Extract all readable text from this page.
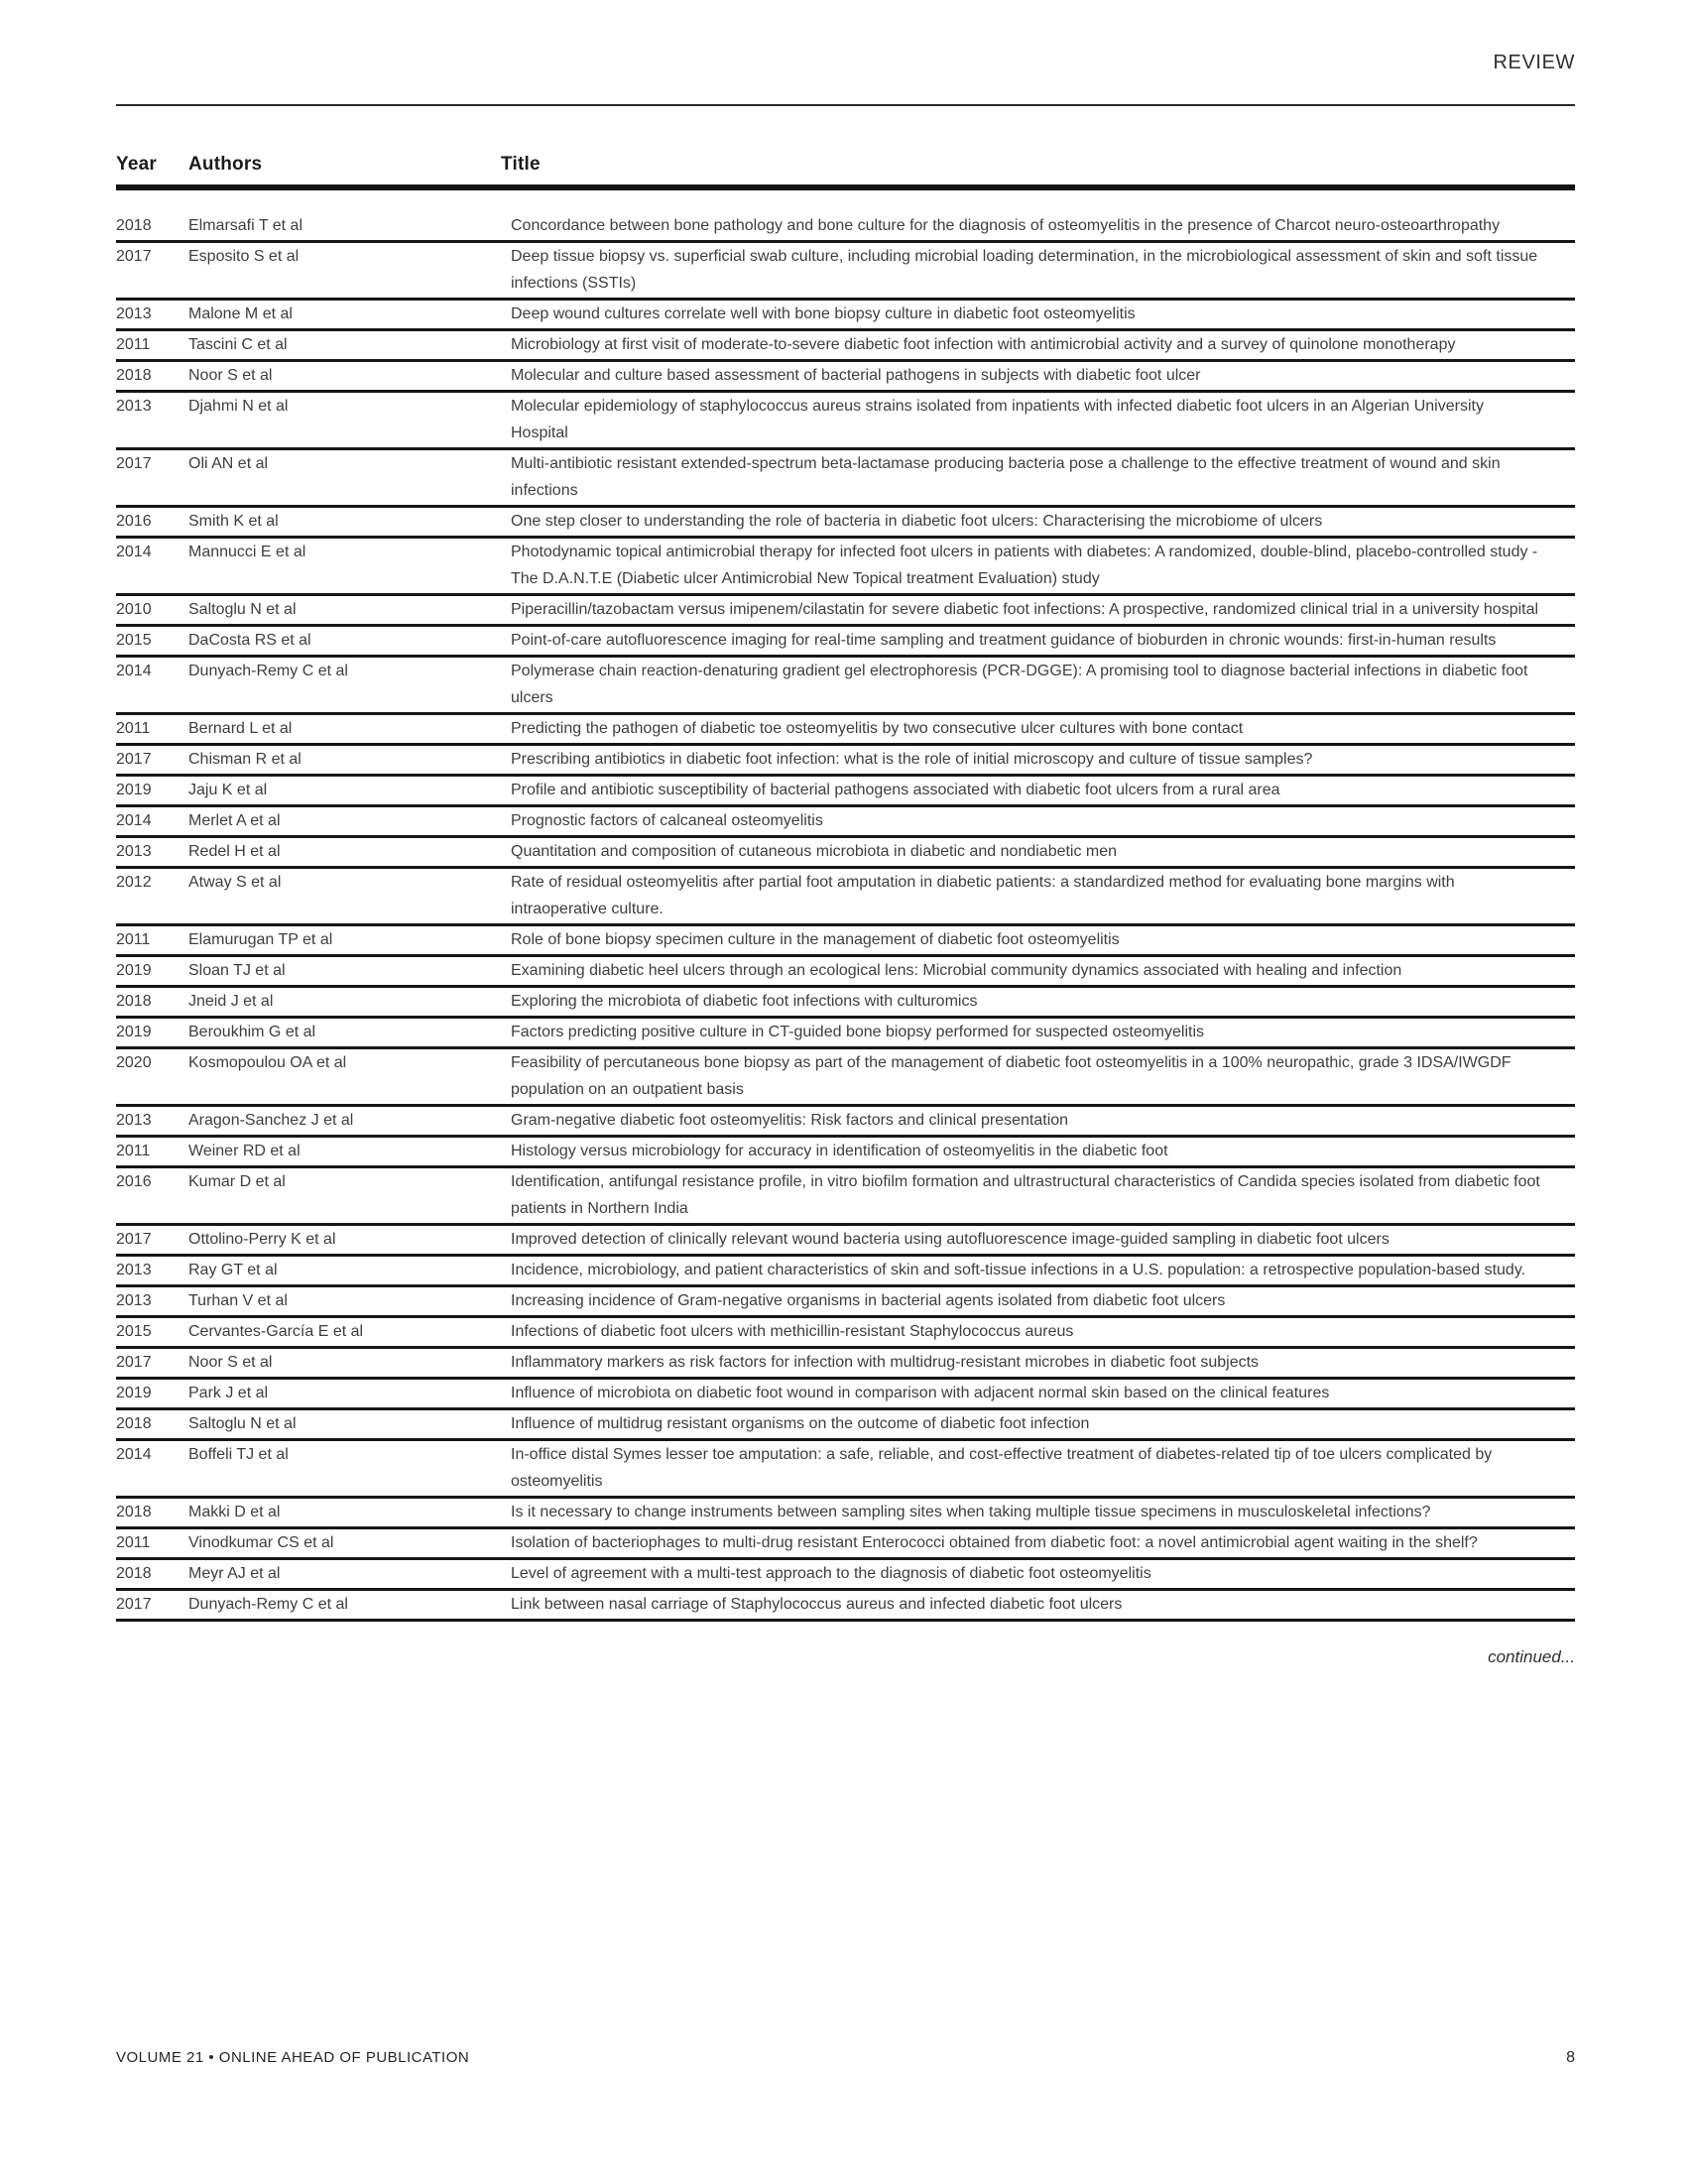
REVIEW
Year	Authors	Title
2018	Elmarsafi T et al	Concordance between bone pathology and bone culture for the diagnosis of osteomyelitis in the presence of Charcot neuro-osteoarthropathy
2017	Esposito S et al	Deep tissue biopsy vs. superficial swab culture, including microbial loading determination, in the microbiological assessment of skin and soft tissue infections (SSTIs)
2013	Malone M et al	Deep wound cultures correlate well with bone biopsy culture in diabetic foot osteomyelitis
2011	Tascini C et al	Microbiology at first visit of moderate-to-severe diabetic foot infection with antimicrobial activity and a survey of quinolone monotherapy
2018	Noor S et al	Molecular and culture based assessment of bacterial pathogens in subjects with diabetic foot ulcer
2013	Djahmi N et al	Molecular epidemiology of staphylococcus aureus strains isolated from inpatients with infected diabetic foot ulcers in an Algerian University Hospital
2017	Oli AN et al	Multi-antibiotic resistant extended-spectrum beta-lactamase producing bacteria pose a challenge to the effective treatment of wound and skin infections
2016	Smith K et al	One step closer to understanding the role of bacteria in diabetic foot ulcers: Characterising the microbiome of ulcers
2014	Mannucci E et al	Photodynamic topical antimicrobial therapy for infected foot ulcers in patients with diabetes: A randomized, double-blind, placebo-controlled study - The D.A.N.T.E (Diabetic ulcer Antimicrobial New Topical treatment Evaluation) study
2010	Saltoglu N et al	Piperacillin/tazobactam versus imipenem/cilastatin for severe diabetic foot infections: A prospective, randomized clinical trial in a university hospital
2015	DaCosta RS et al	Point-of-care autofluorescence imaging for real-time sampling and treatment guidance of bioburden in chronic wounds: first-in-human results
2014	Dunyach-Remy C et al	Polymerase chain reaction-denaturing gradient gel electrophoresis (PCR-DGGE): A promising tool to diagnose bacterial infections in diabetic foot ulcers
2011	Bernard L et al	Predicting the pathogen of diabetic toe osteomyelitis by two consecutive ulcer cultures with bone contact
2017	Chisman R et al	Prescribing antibiotics in diabetic foot infection: what is the role of initial microscopy and culture of tissue samples?
2019	Jaju K et al	Profile and antibiotic susceptibility of bacterial pathogens associated with diabetic foot ulcers from a rural area
2014	Merlet A et al	Prognostic factors of calcaneal osteomyelitis
2013	Redel H et al	Quantitation and composition of cutaneous microbiota in diabetic and nondiabetic men
2012	Atway S et al	Rate of residual osteomyelitis after partial foot amputation in diabetic patients: a standardized method for evaluating bone margins with intraoperative culture.
2011	Elamurugan TP et al	Role of bone biopsy specimen culture in the management of diabetic foot osteomyelitis
2019	Sloan TJ et al	Examining diabetic heel ulcers through an ecological lens: Microbial community dynamics associated with healing and infection
2018	Jneid J et al	Exploring the microbiota of diabetic foot infections with culturomics
2019	Beroukhim G et al	Factors predicting positive culture in CT-guided bone biopsy performed for suspected osteomyelitis
2020	Kosmopoulou OA et al	Feasibility of percutaneous bone biopsy as part of the management of diabetic foot osteomyelitis in a 100% neuropathic, grade 3 IDSA/IWGDF population on an outpatient basis
2013	Aragon-Sanchez J et al	Gram-negative diabetic foot osteomyelitis: Risk factors and clinical presentation
2011	Weiner RD et al	Histology versus microbiology for accuracy in identification of osteomyelitis in the diabetic foot
2016	Kumar D et al	Identification, antifungal resistance profile, in vitro biofilm formation and ultrastructural characteristics of Candida species isolated from diabetic foot patients in Northern India
2017	Ottolino-Perry K et al	Improved detection of clinically relevant wound bacteria using autofluorescence image-guided sampling in diabetic foot ulcers
2013	Ray GT et al	Incidence, microbiology, and patient characteristics of skin and soft-tissue infections in a U.S. population: a retrospective population-based study.
2013	Turhan V et al	Increasing incidence of Gram-negative organisms in bacterial agents isolated from diabetic foot ulcers
2015	Cervantes-García E et al	Infections of diabetic foot ulcers with methicillin-resistant Staphylococcus aureus
2017	Noor S et al	Inflammatory markers as risk factors for infection with multidrug-resistant microbes in diabetic foot subjects
2019	Park J et al	Influence of microbiota on diabetic foot wound in comparison with adjacent normal skin based on the clinical features
2018	Saltoglu N et al	Influence of multidrug resistant organisms on the outcome of diabetic foot infection
2014	Boffeli TJ et al	In-office distal Symes lesser toe amputation: a safe, reliable, and cost-effective treatment of diabetes-related tip of toe ulcers complicated by osteomyelitis
2018	Makki D et al	Is it necessary to change instruments between sampling sites when taking multiple tissue specimens in musculoskeletal infections?
2011	Vinodkumar CS et al	Isolation of bacteriophages to multi-drug resistant Enterococci obtained from diabetic foot: a novel antimicrobial agent waiting in the shelf?
2018	Meyr AJ et al	Level of agreement with a multi-test approach to the diagnosis of diabetic foot osteomyelitis
2017	Dunyach-Remy C et al	Link between nasal carriage of Staphylococcus aureus and infected diabetic foot ulcers
continued...
VOLUME 21 • ONLINE AHEAD OF PUBLICATION	8
